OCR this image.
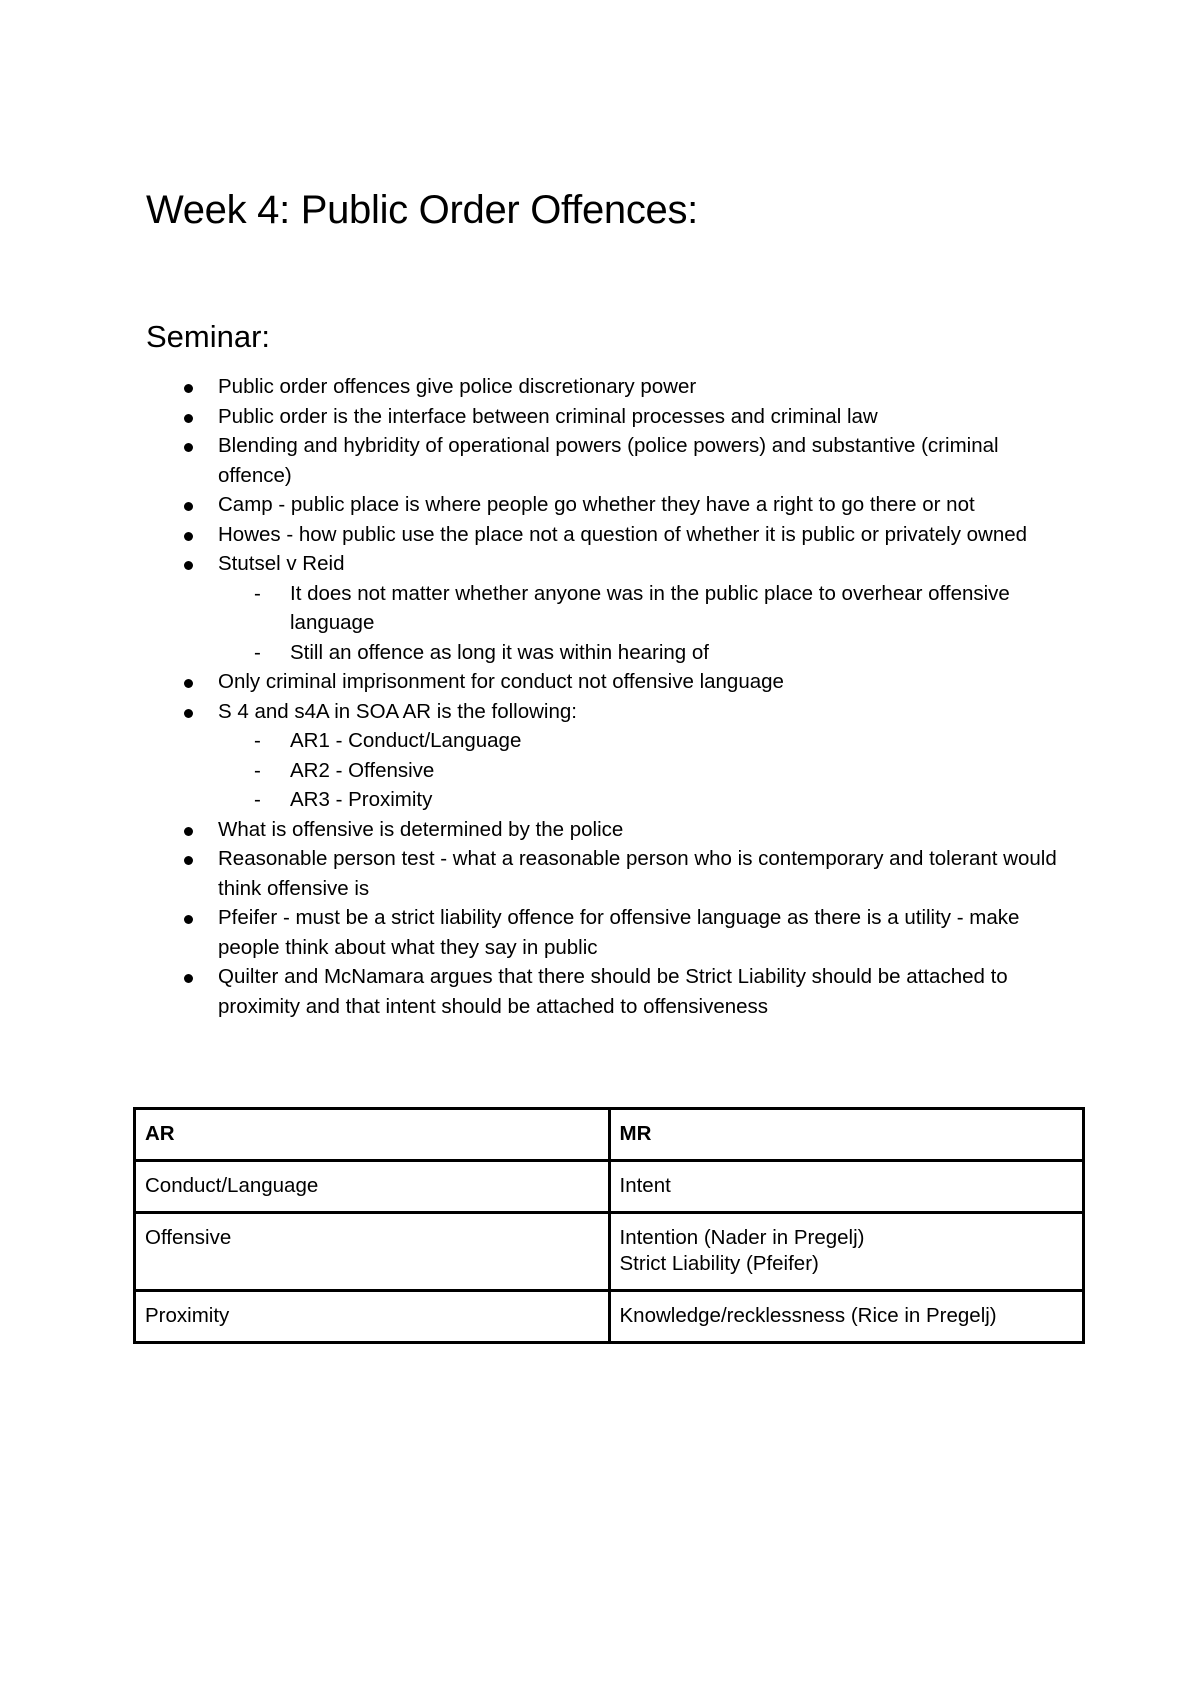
Week 4: Public Order Offences:
Seminar:
Public order offences give police discretionary power
Public order is the interface between criminal processes and criminal law
Blending and hybridity of operational powers (police powers) and substantive (criminal offence)
Camp - public place is where people go whether they have a right to go there or not
Howes - how public use the place not a question of whether it is public or privately owned
Stutsel v Reid
- It does not matter whether anyone was in the public place to overhear offensive language
- Still an offence as long it was within hearing of
Only criminal imprisonment for conduct not offensive language
S 4 and s4A in SOA AR is the following:
- AR1 - Conduct/Language
- AR2 - Offensive
- AR3 - Proximity
What is offensive is determined by the police
Reasonable person test - what a reasonable person who is contemporary and tolerant would think offensive is
Pfeifer - must be a strict liability offence for offensive language as there is a utility - make people think about what they say in public
Quilter and McNamara argues that there should be Strict Liability should be attached to proximity and that intent should be attached to offensiveness
AR	MR
Conduct/Language	Intent

Offensive	Intention (Nader in Pregelj)
Strict Liability (Pfeifer)

Proximity	Knowledge/recklessness (Rice in Pregelj)
